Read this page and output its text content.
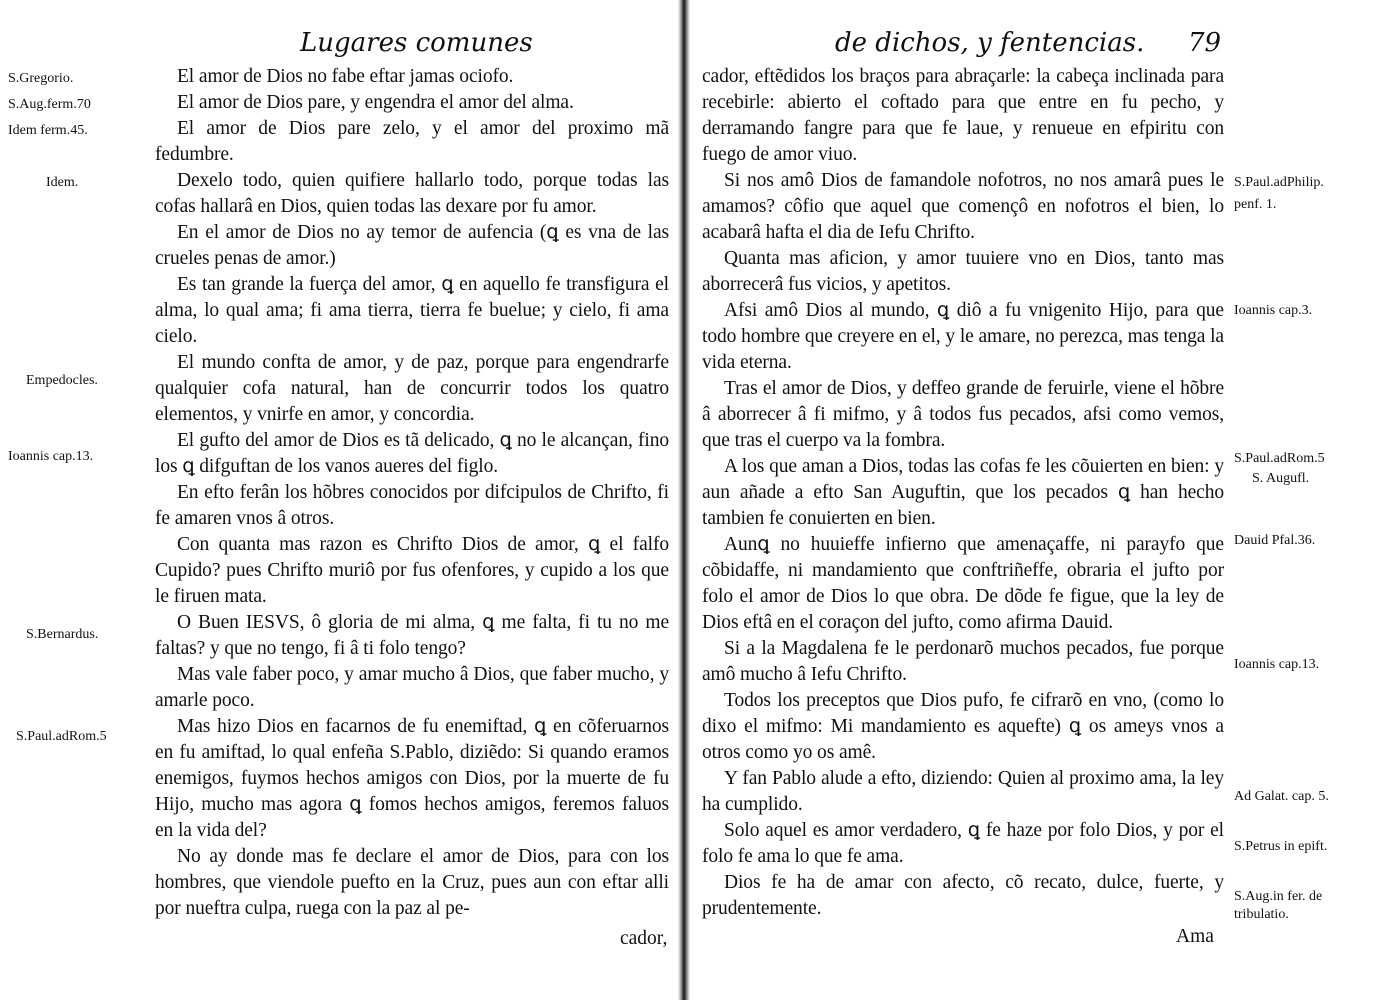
Lugares comunes
S.Gregorio.
S.Aug.ferm.70
Idem ferm.45.
Idem.
Empedocles.
Ioannis cap.13.
S.Bernardus.
S.Paul.adRom.5

El amor de Dios no fabe eftar jamas ociofo.

El amor de Dios pare, y engendra el amor del alma.

El amor de Dios pare zelo, y el amor del proximo mã fedumbre.

Dexelo todo, quien quifiere hallarlo todo, porque todas las cofas hallarâ en Dios, quien todas las dexare por fu amor.

En el amor de Dios no ay temor de aufencia (ꝗ es vna de las crueles penas de amor.)

Es tan grande la fuerça del amor, ꝗ en aquello fe transfigura el alma, lo qual ama; fi ama tierra, tierra fe buelue; y cielo, fi ama cielo.

El mundo confta de amor, y de paz, porque para engendrarfe qualquier cofa natural, han de concurrir todos los quatro elementos, y vnirfe en amor, y concordia.

El gufto del amor de Dios es tã delicado, ꝗ no le alcançan, fino los ꝗ difguftan de los vanos aueres del figlo.

En efto ferân los hõbres conocidos por difcipulos de Chrifto, fi fe amaren vnos â otros.

Con quanta mas razon es Chrifto Dios de amor, ꝗ el falfo Cupido? pues Chrifto muriô por fus ofenfores, y cupido a los que le firuen mata.

O Buen IESVS, ô gloria de mi alma, ꝗ me falta, fi tu no me faltas? y que no tengo, fi â ti folo tengo?

Mas vale faber poco, y amar mucho â Dios, que faber mucho, y amarle poco.

Mas hizo Dios en facarnos de fu enemiftad, ꝗ en cõferuarnos en fu amiftad, lo qual enfeña S.Pablo, diziẽdo: Si quando eramos enemigos, fuymos hechos amigos con Dios, por la muerte de fu Hijo, mucho mas agora ꝗ fomos hechos amigos, feremos faluos en la vida del?

No ay donde mas fe declare el amor de Dios, para con los hombres, que viendole puefto en la Cruz, pues aun con eftar alli por nueftra culpa, ruega con la paz al pe-

cador,
de dichos, y fentencias. 79

cador, eftẽdidos los braços para abraçarle: la cabeça inclinada para recebirle: abierto el coftado para que entre en fu pecho, y derramando fangre para que fe laue, y renueue en efpiritu con fuego de amor viuo.

Si nos amô Dios de famandole nofotros, no nos amarâ pues le amamos? côfio que aquel que començô en nofotros el bien, lo acabarâ hafta el dia de Iefu Chrifto.

Quanta mas aficion, y amor tuuiere vno en Dios, tanto mas aborrecerâ fus vicios, y apetitos.

Afsi amô Dios al mundo, ꝗ diô a fu vnigenito Hijo, para que todo hombre que creyere en el, y le amare, no perezca, mas tenga la vida eterna.

Tras el amor de Dios, y deffeo grande de feruirle, viene el hõbre â aborrecer â fi mifmo, y â todos fus pecados, afsi como vemos, que tras el cuerpo va la fombra.

A los que aman a Dios, todas las cofas fe les cõuierten en bien: y aun añade a efto San Auguftin, que los pecados ꝗ han hecho tambien fe conuierten en bien.

Aunꝗ no huuieffe infierno que amenaçaffe, ni parayfo que cõbidaffe, ni mandamiento que conftriñeffe, obraria el jufto por folo el amor de Dios lo que obra. De dõde fe figue, que la ley de Dios eftâ en el coraçon del jufto, como afirma Dauid.

Si a la Magdalena fe le perdonarõ muchos pecados, fue porque amô mucho â Iefu Chrifto.

Todos los preceptos que Dios pufo, fe cifrarõ en vno, (como lo dixo el mifmo: Mi mandamiento es aquefte) ꝗ os ameys vnos a otros como yo os amê.

Y fan Pablo alude a efto, diziendo: Quien al proximo ama, la ley ha cumplido.

Solo aquel es amor verdadero, ꝗ fe haze por folo Dios, y por el folo fe ama lo que fe ama.

Dios fe ha de amar con afecto, cõ recato, dulce, fuerte, y prudentemente.

S.Paul.adPhilip.
penf. 1.
Ioannis cap.3.
S.Paul.adRom.5
S. Augufl.
Dauid Pfal.36.
Ioannis cap.13.
Ad Galat. cap. 5.
S.Petrus in epift.
S.Aug.in fer. de
tribulatio.
Ama
